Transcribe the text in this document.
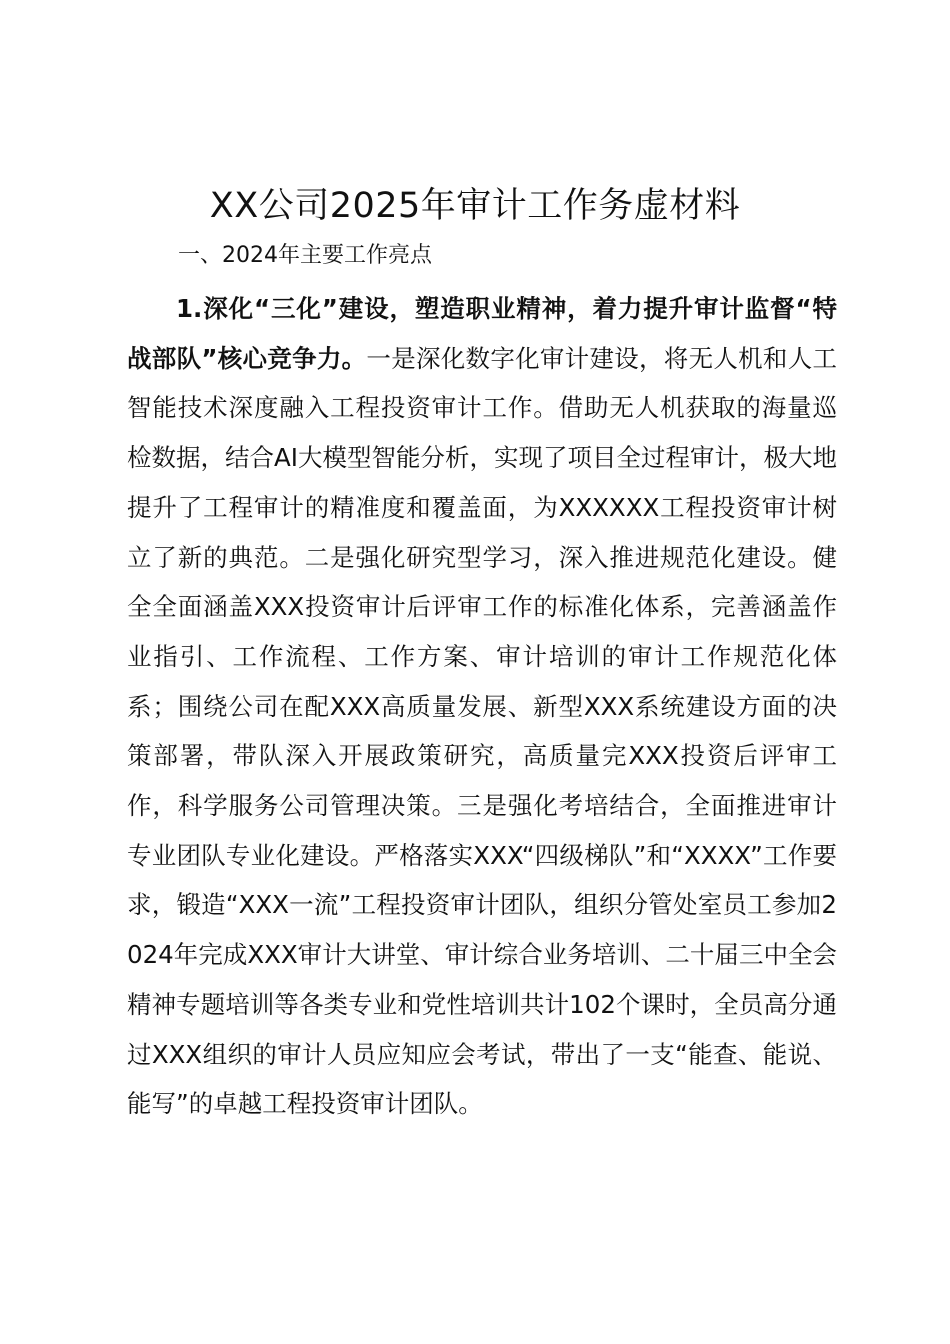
XX公司2025年审计工作务虚材料
一、2024年主要工作亮点

1.深化“三化”建设，塑造职业精神，着力提升审计监督“特战部队”核心竞争力。一是深化数字化审计建设，将无人机和人工智能技术深度融入工程投资审计工作。借助无人机获取的海量巡检数据，结合AI大模型智能分析，实现了项目全过程审计，极大地提升了工程审计的精准度和覆盖面，为XXXXXX工程投资审计树立了新的典范。二是强化研究型学习，深入推进规范化建设。健全全面涵盖XXX投资审计后评审工作的标准化体系，完善涵盖作业指引、工作流程、工作方案、审计培训的审计工作规范化体系；围绕公司在配XXX高质量发展、新型XXX系统建设方面的决策部署，带队深入开展政策研究，高质量完XXX投资后评审工作，科学服务公司管理决策。三是强化考培结合，全面推进审计专业团队专业化建设。严格落实XXX“四级梯队”和“XXXX”工作要求，锻造“XXX一流”工程投资审计团队，组织分管处室员工参加2024年完成XXX审计大讲堂、审计综合业务培训、二十届三中全会精神专题培训等各类专业和党性培训共计102个课时，全员高分通过XXX组织的审计人员应知应会考试，带出了一支“能查、能说、能写”的卓越工程投资审计团队。
